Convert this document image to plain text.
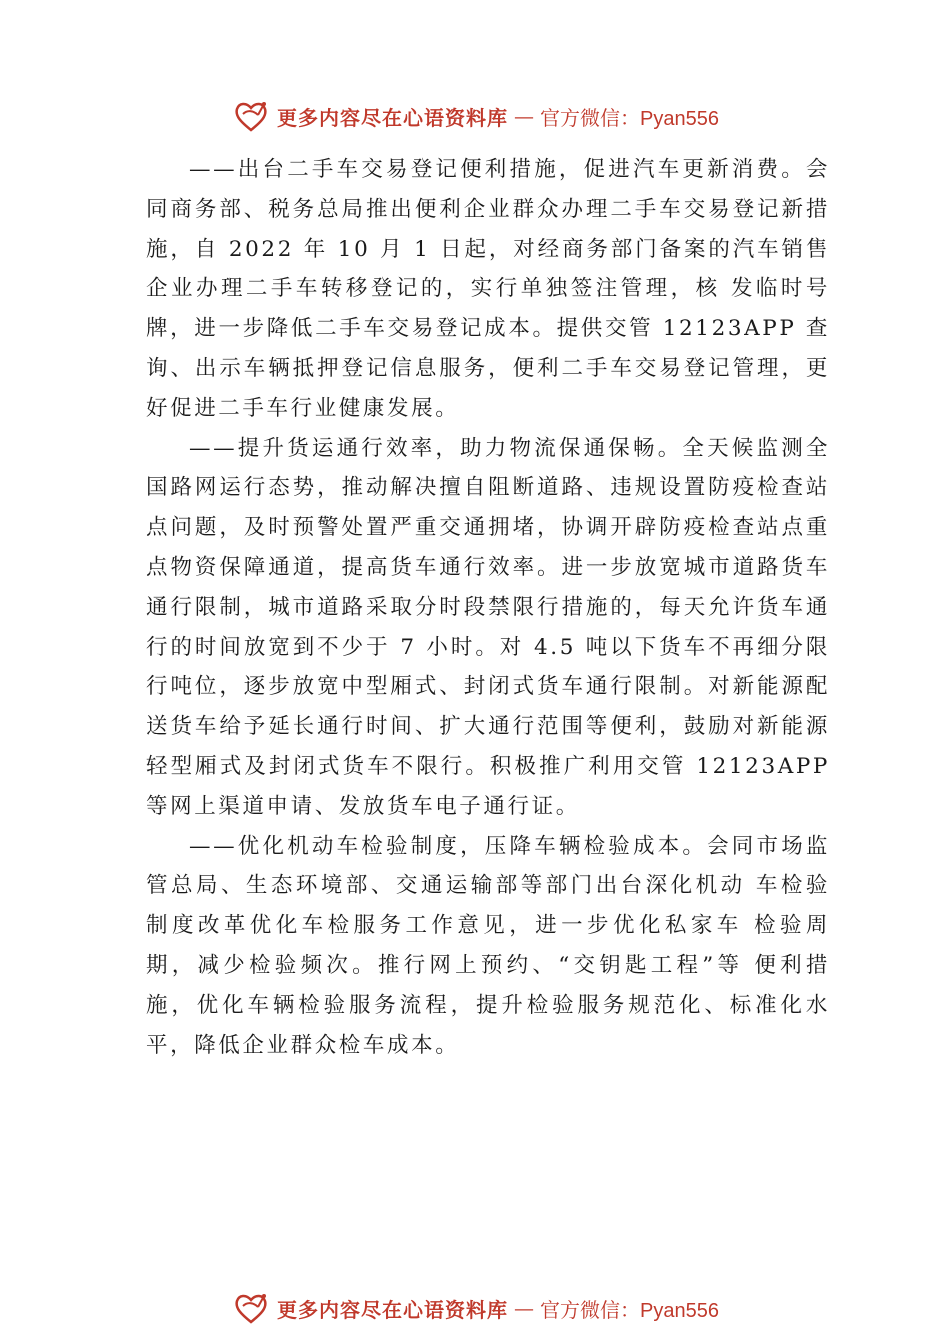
更多内容尽在心语资料库 — 官方微信：Pyan556

——出台二手车交易登记便利措施，促进汽车更新消费。会同商务部、税务总局推出便利企业群众办理二手车交易登记新措施，自 2022 年 10 月 1 日起，对经商务部门备案的汽车销售企业办理二手车转移登记的，实行单独签注管理，核 发临时号牌，进一步降低二手车交易登记成本。提供交管 12123APP 查询、出示车辆抵押登记信息服务，便利二手车交易登记管理，更好促进二手车行业健康发展。

——提升货运通行效率，助力物流保通保畅。全天候监测全国路网运行态势，推动解决擅自阻断道路、违规设置防疫检查站点问题，及时预警处置严重交通拥堵，协调开辟防疫检查站点重点物资保障通道，提高货车通行效率。进一步放宽城市道路货车通行限制，城市道路采取分时段禁限行措施的，每天允许货车通行的时间放宽到不少于 7 小时。对 4.5 吨以下货车不再细分限行吨位，逐步放宽中型厢式、封闭式货车通行限制。对新能源配送货车给予延长通行时间、扩大通行范围等便利，鼓励对新能源轻型厢式及封闭式货车不限行。积极推广利用交管 12123APP 等网上渠道申请、发放货车电子通行证。

——优化机动车检验制度，压降车辆检验成本。会同市场监管总局、生态环境部、交通运输部等部门出台深化机动 车检验制度改革优化车检服务工作意见，进一步优化私家车 检验周期，减少检验频次。推行网上预约、“交钥匙工程”等 便利措施，优化车辆检验服务流程，提升检验服务规范化、标准化水平，降低企业群众检车成本。

更多内容尽在心语资料库 — 官方微信：Pyan556
